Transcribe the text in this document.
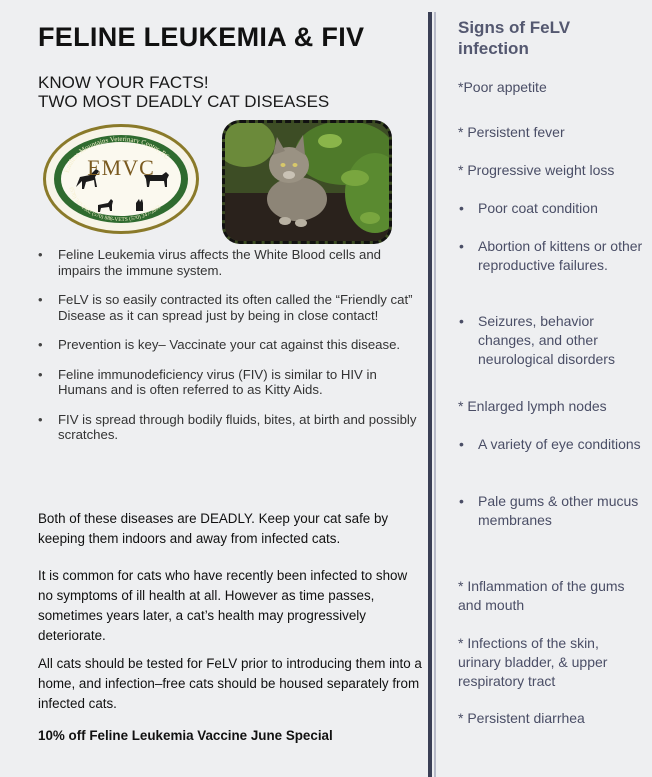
FELINE LEUKEMIA & FIV
KNOW YOUR FACTS!
TWO MOST DEADLY CAT DISEASES
Endless Mountains Veterinary Center, PC
(570) 347-2962 (570) 888-VETS (570) 247-2863
EMVC
• Feline Leukemia virus affects the White Blood cells and impairs the immune system.
• FeLV is so easily contracted its often called the “Friendly cat” Disease as it can spread just by being in close contact!
• Prevention is key– Vaccinate your cat against this disease.
• Feline immunodeficiency virus (FIV) is similar to HIV in Humans and is often referred to as Kitty Aids.
• FIV is spread through bodily fluids, bites, at birth and possibly scratches.

Both of these diseases are DEADLY. Keep your cat safe by keeping them indoors and away from infected cats.

It is common for cats who have recently been infected to show no symptoms of ill health at all. However as time passes, sometimes years later, a cat’s health may progressively deteriorate.

All cats should be tested for FeLV prior to introducing them into a home, and infection–free cats should be housed separately from infected cats.

10% off Feline Leukemia Vaccine June Special
Signs of FeLV infection
*Poor appetite
* Persistent fever
* Progressive weight loss
• Poor coat condition
• Abortion of kittens or other reproductive failures.
• Seizures, behavior changes, and other neurological disorders
* Enlarged lymph nodes
• A variety of eye conditions
• Pale gums & other mucus membranes
* Inflammation of the gums and mouth
* Infections of the skin, urinary bladder, & upper respiratory tract
* Persistent diarrhea
